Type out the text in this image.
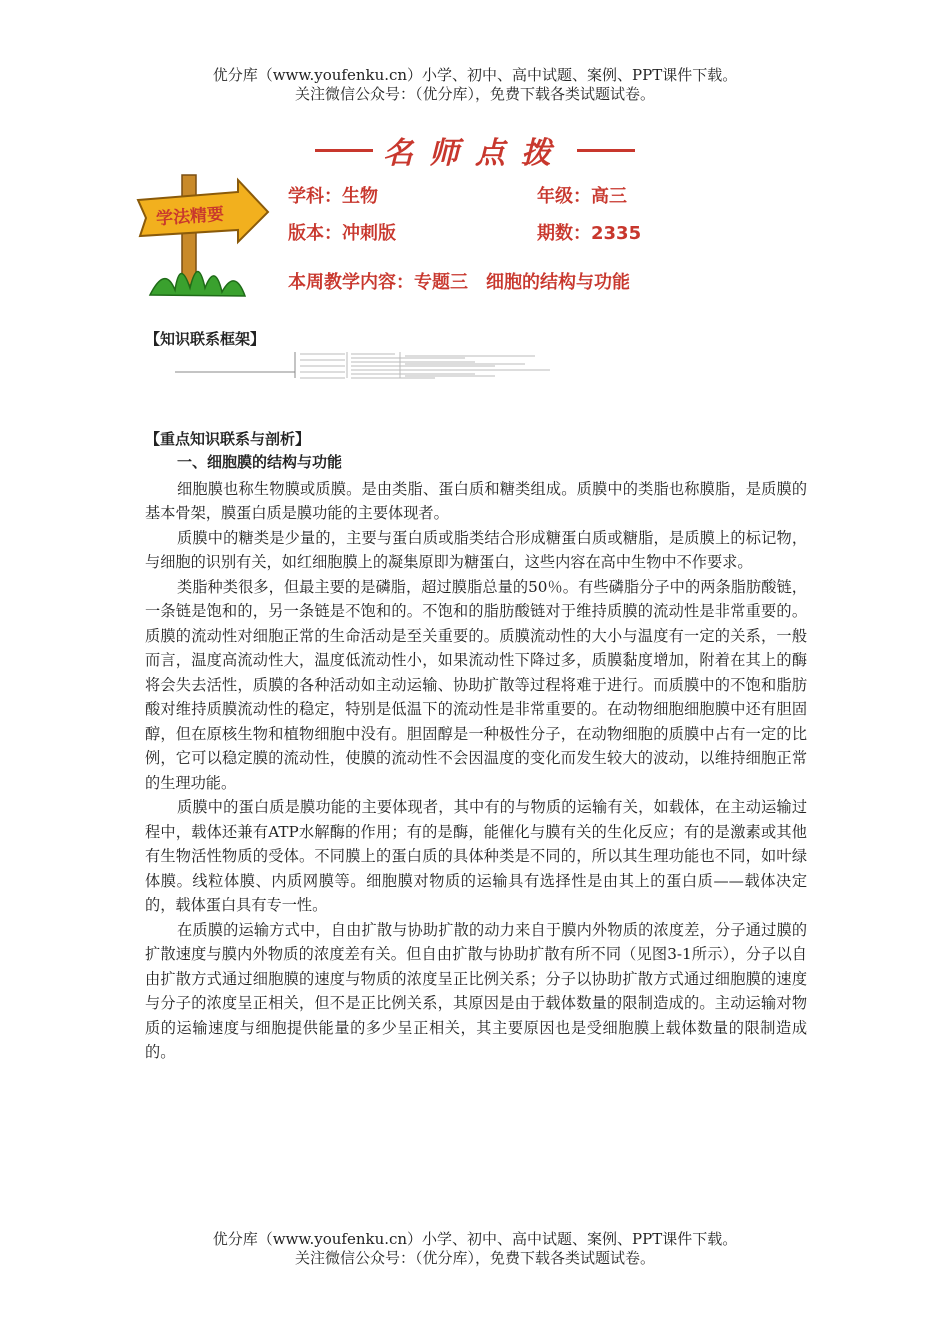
优分库（www.youfenku.cn）小学、初中、高中试题、案例、PPT课件下载。
关注微信公众号：（优分库），免费下载各类试题试卷。
名师点拨
学法精要
学科：生物	年级：高三
版本：冲刺版	期数：2335
本周教学内容：专题三　细胞的结构与功能
【知识联系框架】
【重点知识联系与剖析】
一、细胞膜的结构与功能

细胞膜也称生物膜或质膜。是由类脂、蛋白质和糖类组成。质膜中的类脂也称膜脂，是质膜的基本骨架，膜蛋白质是膜功能的主要体现者。

质膜中的糖类是少量的，主要与蛋白质或脂类结合形成糖蛋白质或糖脂，是质膜上的标记物，与细胞的识别有关，如红细胞膜上的凝集原即为糖蛋白，这些内容在高中生物中不作要求。

类脂种类很多，但最主要的是磷脂，超过膜脂总量的50％。有些磷脂分子中的两条脂肪酸链，一条链是饱和的，另一条链是不饱和的。不饱和的脂肪酸链对于维持质膜的流动性是非常重要的。质膜的流动性对细胞正常的生命活动是至关重要的。质膜流动性的大小与温度有一定的关系，一般而言，温度高流动性大，温度低流动性小，如果流动性下降过多，质膜黏度增加，附着在其上的酶将会失去活性，质膜的各种活动如主动运输、协助扩散等过程将难于进行。而质膜中的不饱和脂肪酸对维持质膜流动性的稳定，特别是低温下的流动性是非常重要的。在动物细胞细胞膜中还有胆固醇，但在原核生物和植物细胞中没有。胆固醇是一种极性分子，在动物细胞的质膜中占有一定的比例，它可以稳定膜的流动性，使膜的流动性不会因温度的变化而发生较大的波动，以维持细胞正常的生理功能。

质膜中的蛋白质是膜功能的主要体现者，其中有的与物质的运输有关，如载体，在主动运输过程中，载体还兼有ATP水解酶的作用；有的是酶，能催化与膜有关的生化反应；有的是激素或其他有生物活性物质的受体。不同膜上的蛋白质的具体种类是不同的，所以其生理功能也不同，如叶绿体膜。线粒体膜、内质网膜等。细胞膜对物质的运输具有选择性是由其上的蛋白质——载体决定的，载体蛋白具有专一性。

在质膜的运输方式中，自由扩散与协助扩散的动力来自于膜内外物质的浓度差，分子通过膜的扩散速度与膜内外物质的浓度差有关。但自由扩散与协助扩散有所不同（见图3-1所示），分子以自由扩散方式通过细胞膜的速度与物质的浓度呈正比例关系；分子以协助扩散方式通过细胞膜的速度与分子的浓度呈正相关，但不是正比例关系，其原因是由于载体数量的限制造成的。主动运输对物质的运输速度与细胞提供能量的多少呈正相关，其主要原因也是受细胞膜上载体数量的限制造成的。

优分库（www.youfenku.cn）小学、初中、高中试题、案例、PPT课件下载。
关注微信公众号：（优分库），免费下载各类试题试卷。
